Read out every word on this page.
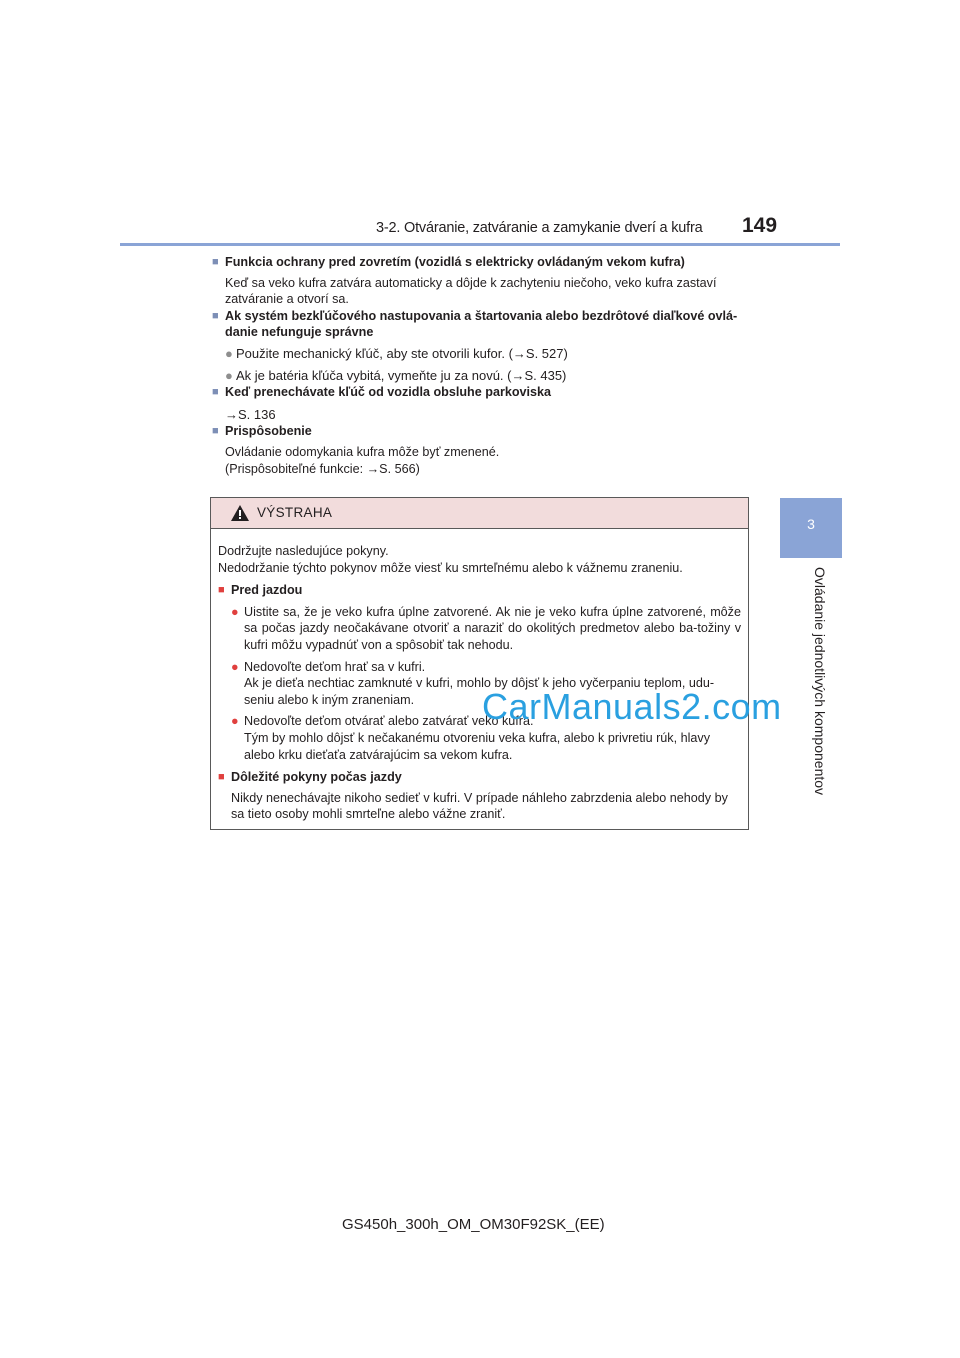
3-2. Otváranie, zatváranie a zamykanie dverí a kufra 149
3
Ovládanie jednotlivých komponentov
■ Funkcia ochrany pred zovretím (vozidlá s elektricky ovládaným vekom kufra)
Keď sa veko kufra zatvára automaticky a dôjde k zachyteniu niečoho, veko kufra zastaví zatváranie a otvorí sa.
■ Ak systém bezkľúčového nastupovania a štartovania alebo bezdrôtové diaľkové ovlá-danie nefunguje správne
● Použite mechanický kľúč, aby ste otvorili kufor. (→S. 527)
● Ak je batéria kľúča vybitá, vymeňte ju za novú. (→S. 435)
■ Keď prenechávate kľúč od vozidla obsluhe parkoviska
→S. 136
■ Prispôsobenie
Ovládanie odomykania kufra môže byť zmenené.
(Prispôsobiteľné funkcie: →S. 566)
VÝSTRAHA
Dodržujte nasledujúce pokyny.
Nedodržanie týchto pokynov môže viesť ku smrteľnému alebo k vážnemu zraneniu.
■ Pred jazdou
● Uistite sa, že je veko kufra úplne zatvorené. Ak nie je veko kufra úplne zatvorené, môže sa počas jazdy neočakávane otvoriť a naraziť do okolitých predmetov alebo ba-tožiny v kufri môžu vypadnúť von a spôsobiť tak nehodu.
● Nedovoľte deťom hrať sa v kufri.
Ak je dieťa nechtiac zamknuté v kufri, mohlo by dôjsť k jeho vyčerpaniu teplom, udu-seniu alebo k iným zraneniam.
● Nedovoľte deťom otvárať alebo zatvárať veko kufra.
Tým by mohlo dôjsť k nečakanému otvoreniu veka kufra, alebo k privretiu rúk, hlavy alebo krku dieťaťa zatvárajúcim sa vekom kufra.
■ Dôležité pokyny počas jazdy
Nikdy nenechávajte nikoho sedieť v kufri. V prípade náhleho zabrzdenia alebo nehody by sa tieto osoby mohli smrteľne alebo vážne zraniť.
CarManuals2.com
GS450h_300h_OM_OM30F92SK_(EE)
